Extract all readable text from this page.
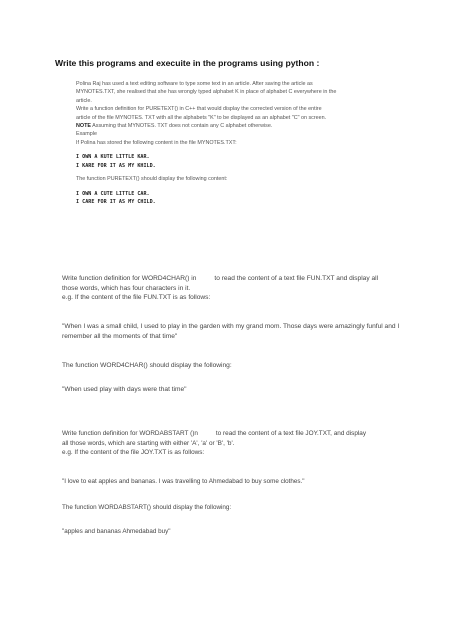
Write this programs and execuite in the programs using python :

Polina Raj has used a text editing software to type some text in an article. After saving the article as

MYNOTES.TXT, she realised that she has wrongly typed alphabet K in place of alphabet C everywhere in the

article.

Write a function definition for PURETEXT() in C++ that would display the corrected version of the entire

article of the file MYNOTES. TXT with all the alphabets "K" to be displayed as an alphabet "C" on screen.

NOTE Assuming that MYNOTES. TXT does not contain any C alphabet otherwise.

Example

If Polina has stored the following content in the file MYNOTES.TXT:

I OWN A KUTE LITTLE KAR.

I KARE FOR IT AS MY KHILD.

The function PURETEXT() should display the following content:

I OWN A CUTE LITTLE CAR.

I CARE FOR IT AS MY CHILD.

Write function definition for WORD4CHAR() in	to read the content of a text file FUN.TXT and display all
those words, which has four characters in it.
e.g. If the content of the file FUN.TXT is as follows:
"When I was a small child, I used to play in the garden with my grand mom. Those days were amazingly funful and I remember all the moments of that time"
The function WORD4CHAR() should display the following:
"When used play with days were that time"
Write function definition for WORDABSTART ()n	to read the content of a text file JOY.TXT, and display
all those words, which are starting with either 'A', 'a' or 'B', 'b'.
e.g. If the content of the file JOY.TXT is as follows:
"I love to eat apples and bananas. I was travelling to Ahmedabad to buy some clothes."
The function WORDABSTART() should display the following:
"apples and bananas Ahmedabad buy"
